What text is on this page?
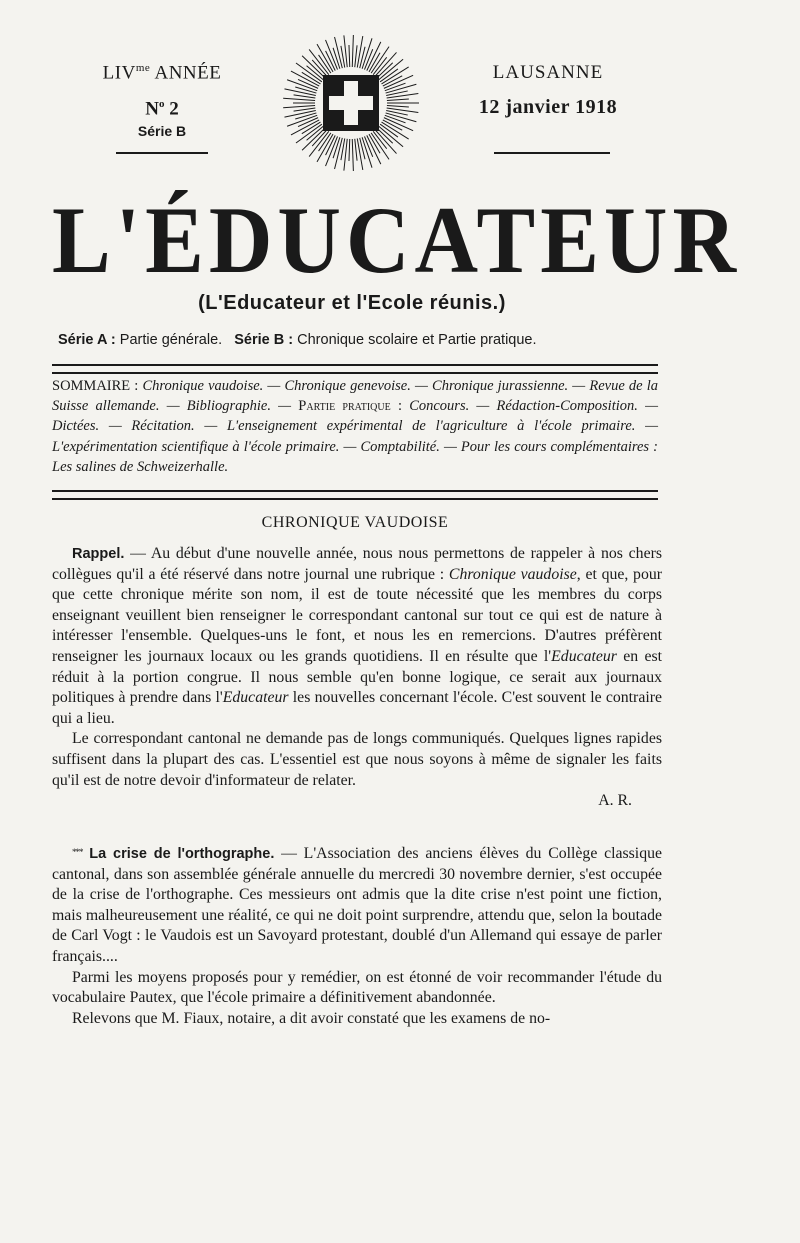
$LIV^{me}$ ANNÉE
$N^o$ 2
Série B
LAUSANNE
12 janvier 1918
L'ÉDUCATEUR
(L'Educateur et l'Ecole réunis.)
Série A : Partie générale. Série B : Chronique scolaire et Partie pratique.
SOMMAIRE : Chronique vaudoise. — Chronique genevoise. — Chronique jurassienne. — Revue de la Suisse allemande. — Bibliographie. — Partie pratique : Concours. — Rédaction-Composition. — Dictées. — Récitation. — L'enseignement expérimental de l'agriculture à l'école primaire. — L'expérimentation scientifique à l'école primaire. — Comptabilité. — Pour les cours complémentaires : Les salines de Schweizerhalle.
CHRONIQUE VAUDOISE

Rappel. — Au début d'une nouvelle année, nous nous permettons de rappeler à nos chers collègues qu'il a été réservé dans notre journal une rubrique : Chronique vaudoise, et que, pour que cette chronique mérite son nom, il est de toute nécessité que les membres du corps enseignant veuillent bien renseigner le correspondant cantonal sur tout ce qui est de nature à intéresser l'ensemble. Quelques-uns le font, et nous les en remercions. D'autres préfèrent renseigner les journaux locaux ou les grands quotidiens. Il en résulte que l'Educateur en est réduit à la portion congrue. Il nous semble qu'en bonne logique, ce serait aux journaux politiques à prendre dans l'Educateur les nouvelles concernant l'école. C'est souvent le contraire qui a lieu.

Le correspondant cantonal ne demande pas de longs communiqués. Quelques lignes rapides suffisent dans la plupart des cas. L'essentiel est que nous soyons à même de signaler les faits qu'il est de notre devoir d'informateur de relater.

A. R.

*** La crise de l'orthographe. — L'Association des anciens élèves du Collège classique cantonal, dans son assemblée générale annuelle du mercredi 30 novembre dernier, s'est occupée de la crise de l'orthographe. Ces messieurs ont admis que la dite crise n'est point une fiction, mais malheureusement une réalité, ce qui ne doit point surprendre, attendu que, selon la boutade de Carl Vogt : le Vaudois est un Savoyard protestant, doublé d'un Allemand qui essaye de parler français....

Parmi les moyens proposés pour y remédier, on est étonné de voir recommander l'étude du vocabulaire Pautex, que l'école primaire a définitivement abandonnée.

Relevons que M. Fiaux, notaire, a dit avoir constaté que les examens de no-
